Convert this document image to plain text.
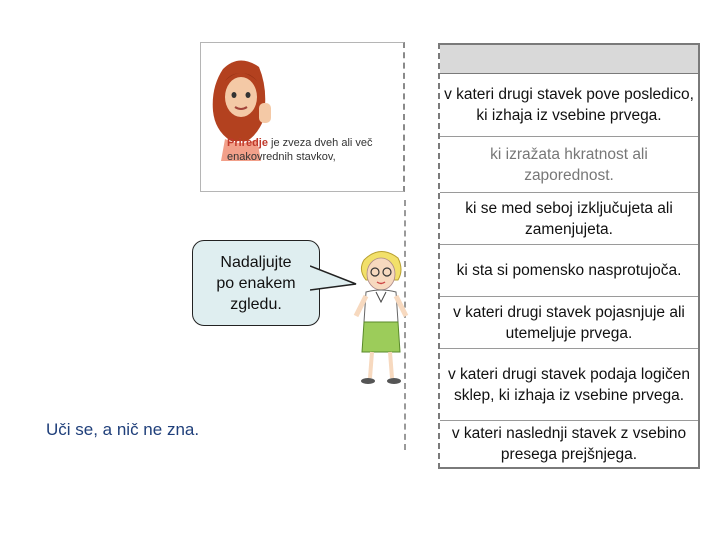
Priredje je zveza dveh ali več enakovrednih stavkov,
v kateri drugi stavek pove posledico, ki izhaja iz vsebine prvega.
ki izražata hkratnost ali zaporednost.
ki se med seboj izključujeta ali zamenjujeta.
ki sta si pomensko nasprotujoča.
v kateri drugi stavek pojasnjuje ali utemeljuje prvega.
v kateri drugi stavek podaja logičen sklep, ki izhaja iz vsebine prvega.
v kateri naslednji stavek z vsebino presega prejšnjega.
Nadaljujte
po enakem
zgledu.
Uči se, a nič ne zna.
